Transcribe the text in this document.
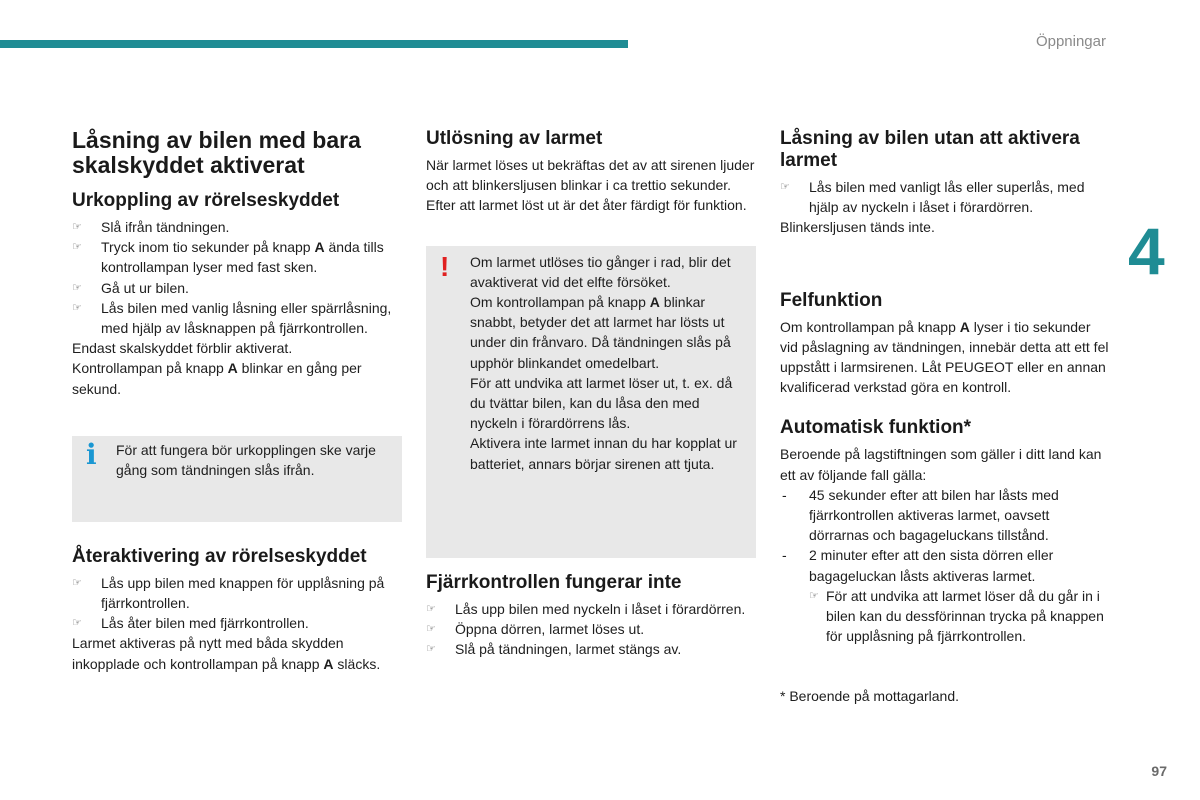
Öppningar
4
97
Låsning av bilen med bara skalskyddet aktiverat
Urkoppling av rörelseskyddet
☞ Slå ifrån tändningen.
☞ Tryck inom tio sekunder på knapp A ända tills kontrollampan lyser med fast sken.
☞ Gå ut ur bilen.
☞ Lås bilen med vanlig låsning eller spärrlåsning, med hjälp av låsknappen på fjärrkontrollen.

Endast skalskyddet förblir aktiverat.

Kontrollampan på knapp A blinkar en gång per sekund.

i För att fungera bör urkopplingen ske varje gång som tändningen slås ifrån.

Återaktivering av rörelseskyddet
☞ Lås upp bilen med knappen för upplåsning på fjärrkontrollen.
☞ Lås åter bilen med fjärrkontrollen.

Larmet aktiveras på nytt med båda skydden inkopplade och kontrollampan på knapp A släcks.

Utlösning av larmet

När larmet löses ut bekräftas det av att sirenen ljuder och att blinkersljusen blinkar i ca trettio sekunder.

Efter att larmet löst ut är det åter färdigt för funktion.

! Om larmet utlöses tio gånger i rad, blir det avaktiverat vid det elfte försöket.

Om kontrollampan på knapp A blinkar snabbt, betyder det att larmet har lösts ut under din frånvaro. Då tändningen slås på upphör blinkandet omedelbart.

För att undvika att larmet löser ut, t. ex. då du tvättar bilen, kan du låsa den med nyckeln i förardörrens lås.

Aktivera inte larmet innan du har kopplat ur batteriet, annars börjar sirenen att tjuta.

Fjärrkontrollen fungerar inte
☞ Lås upp bilen med nyckeln i låset i förardörren.
☞ Öppna dörren, larmet löses ut.
☞ Slå på tändningen, larmet stängs av.
Låsning av bilen utan att aktivera larmet
☞ Lås bilen med vanligt lås eller superlås, med hjälp av nyckeln i låset i förardörren.

Blinkersljusen tänds inte.

Felfunktion

Om kontrollampan på knapp A lyser i tio sekunder vid påslagning av tändningen, innebär detta att ett fel uppstått i larmsirenen. Låt PEUGEOT eller en annan kvalificerad verkstad göra en kontroll.

Automatisk funktion*

Beroende på lagstiftningen som gäller i ditt land kan ett av följande fall gälla:

- 45 sekunder efter att bilen har låsts med fjärrkontrollen aktiveras larmet, oavsett dörrarnas och bagageluckans tillstånd.
- 2 minuter efter att den sista dörren eller bagageluckan låsts aktiveras larmet.
☞ För att undvika att larmet löser då du går in i bilen kan du dessförinnan trycka på knappen för upplåsning på fjärrkontrollen.

* Beroende på mottagarland.
